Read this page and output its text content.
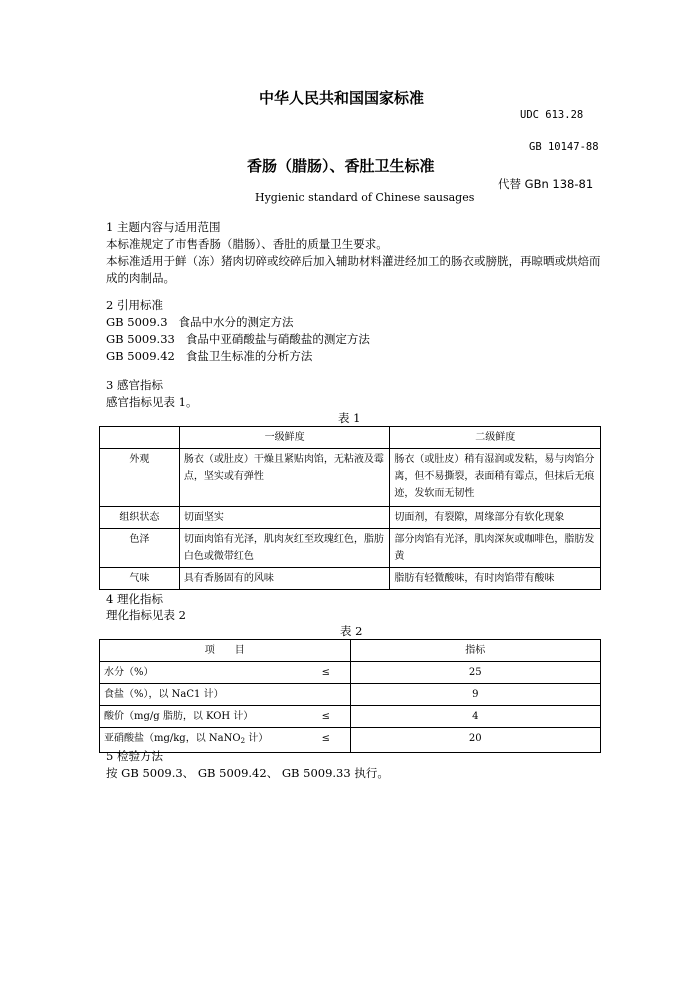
中华人民共和国国家标准
UDC 613.28
GB 10147-88
香肠（腊肠）、香肚卫生标准
代替 GBn 138-81
Hygienic standard of Chinese sausages
1 主题内容与适用范围
本标准规定了市售香肠（腊肠）、香肚的质量卫生要求。
本标准适用于鲜（冻）猪肉切碎或绞碎后加入辅助材料灌进经加工的肠衣或膀胱，再晾晒或烘焙而成的肉制品。
2 引用标准
GB 5009.3 食品中水分的测定方法
GB 5009.33 食品中亚硝酸盐与硝酸盐的测定方法
GB 5009.42 食盐卫生标准的分析方法
3 感官指标
感官指标见表 1。
表 1
	一级鲜度	二级鲜度
外观	肠衣（或肚皮）干燥且紧贴肉馅，无粘液及霉点，坚实或有弹性	肠衣（或肚皮）稍有湿润或发粘，易与肉馅分离，但不易撕裂，表面稍有霉点，但抹后无痕迹，发软而无韧性
组织状态	切面坚实	切面剂，有裂隙，周缘部分有软化现象
色泽	切面肉馅有光泽，肌肉灰红至玫瑰红色，脂肪白色或微带红色	部分肉馅有光泽，肌肉深灰或咖啡色，脂肪发黄
气味	具有香肠固有的风味	脂肪有轻微酸味，有时肉馅带有酸味
4 理化指标
理化指标见表 2
表 2
项　　目		指标
水分（%）	≤	25
食盐（%），以 NaC1 计）		9
酸价（mg/g 脂肪，以 KOH 计）	≤	4
亚硝酸盐（mg/kg，以 NaNO$_2$ 计）	≤	20
5 检验方法
按 GB 5009.3、 GB 5009.42、 GB 5009.33 执行。
